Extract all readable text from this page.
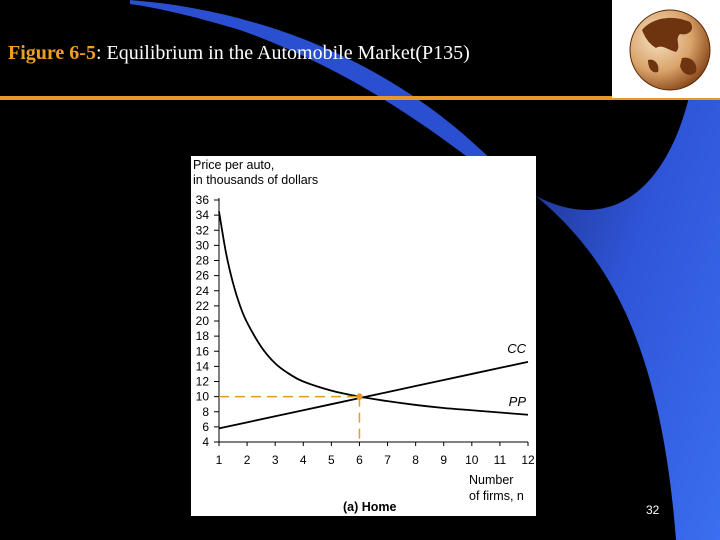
Figure 6-5: Equilibrium in the Automobile Market(P135)
Price per auto,
in thousands of dollars
4
6
8
10
12
14
16
18
20
22
24
26
28
30
32
34
36
1 2 3 4 5 6 7 8 9 10 11 12
CC
PP
Number
of firms, n
(a) Home	32
